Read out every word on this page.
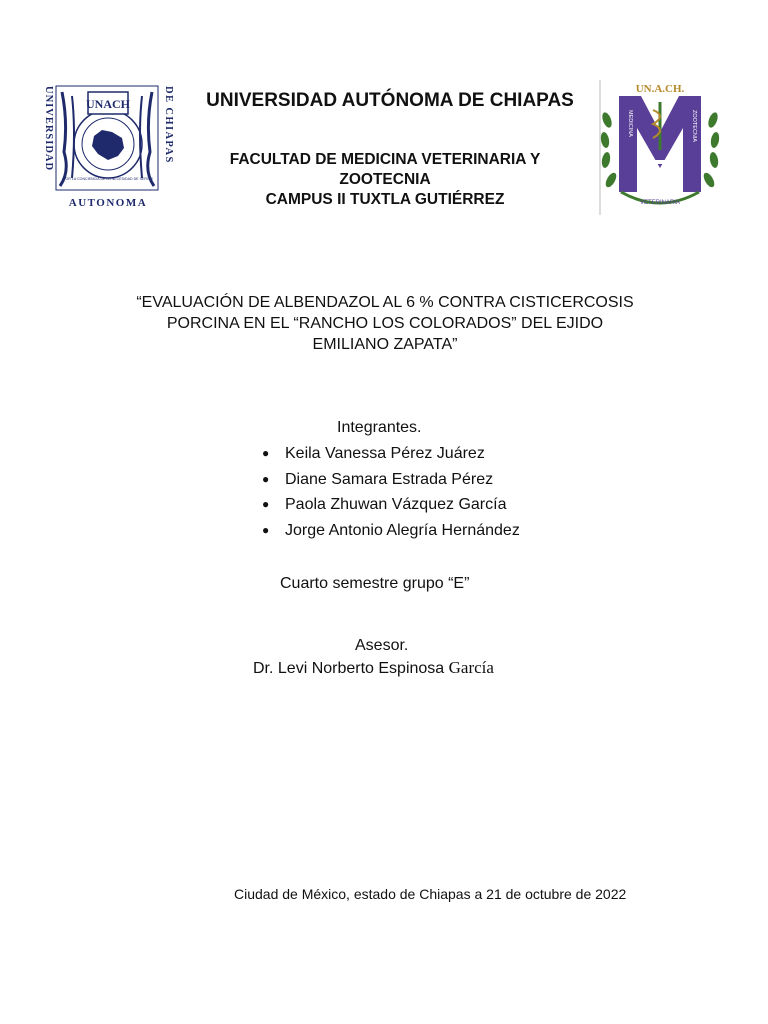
UNIVERSIDAD	DE CHIAPAS
AUTONOMA
UNACH
POR LA CONCIENCIA DE LA NECESIDAD DE SERVIR
UNIVERSIDAD AUTÓNOMA DE CHIAPAS
FACULTAD DE MEDICINA VETERINARIA Y
ZOOTECNIA
CAMPUS II TUXTLA GUTIÉRREZ
UN.A.CH.
MEDICINA	ZOOTECNIA
VETERINARIA
“EVALUACIÓN DE ALBENDAZOL AL 6 % CONTRA CISTICERCOSIS
PORCINA EN EL “RANCHO LOS COLORADOS” DEL EJIDO
EMILIANO ZAPATA”
Integrantes.
● Keila Vanessa Pérez Juárez
● Diane Samara Estrada Pérez
● Paola Zhuwan Vázquez García
● Jorge Antonio Alegría Hernández
Cuarto semestre grupo “E”
Asesor.
Dr. Levi Norberto Espinosa García
Ciudad de México, estado de Chiapas a 21 de octubre de 2022
